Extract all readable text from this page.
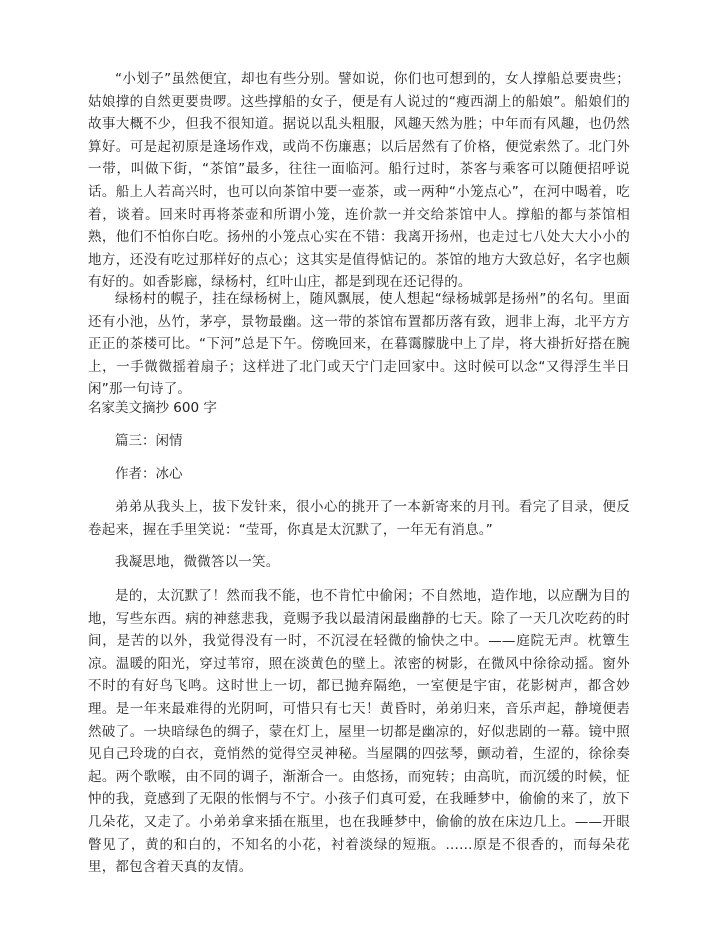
“小划子”虽然便宜，却也有些分别。譬如说，你们也可想到的，女人撑船总要贵些；姑娘撑的自然更要贵啰。这些撑船的女子，便是有人说过的“瘦西湖上的船娘”。船娘们的故事大概不少，但我不很知道。据说以乱头粗服，风趣天然为胜；中年而有风趣，也仍然算好。可是起初原是逢场作戏，或尚不伤廉惠；以后居然有了价格，便觉索然了。北门外一带，叫做下街，“茶馆”最多，往往一面临河。船行过时，茶客与乘客可以随便招呼说话。船上人若高兴时，也可以向茶馆中要一壶茶，或一两种“小笼点心”，在河中喝着，吃着，谈着。回来时再将茶壶和所谓小笼，连价款一并交给茶馆中人。撑船的都与茶馆相熟，他们不怕你白吃。扬州的小笼点心实在不错：我离开扬州，也走过七八处大大小小的地方，还没有吃过那样好的点心；这其实是值得惦记的。茶馆的地方大致总好，名字也颇有好的。如香影廊，绿杨村，红叶山庄，都是到现在还记得的。

绿杨村的幌子，挂在绿杨树上，随风飘展，使人想起“绿杨城郭是扬州”的名句。里面还有小池，丛竹，茅亭，景物最幽。这一带的茶馆布置都历落有致，迥非上海，北平方方正正的茶楼可比。“下河”总是下午。傍晚回来，在暮霭朦胧中上了岸，将大褂折好搭在腕上，一手微微摇着扇子；这样进了北门或天宁门走回家中。这时候可以念“又得浮生半日闲”那一句诗了。

名家美文摘抄 600 字
篇三：闲情
作者：冰心

弟弟从我头上，拔下发针来，很小心的挑开了一本新寄来的月刊。看完了目录，便反卷起来，握在手里笑说：“莹哥，你真是太沉默了，一年无有消息。”

我凝思地，微微答以一笑。

是的，太沉默了！然而我不能，也不肯忙中偷闲；不自然地，造作地，以应酬为目的地，写些东西。病的神慈悲我，竟赐予我以最清闲最幽静的七天。除了一天几次吃药的时间，是苦的以外，我觉得没有一时，不沉浸在轻微的愉快之中。——庭院无声。枕簟生凉。温暖的阳光，穿过苇帘，照在淡黄色的壁上。浓密的树影，在微风中徐徐动摇。窗外不时的有好鸟飞鸣。这时世上一切，都已抛弃隔绝，一室便是宇宙，花影树声，都含妙理。是一年来最难得的光阴呵，可惜只有七天！黄昏时，弟弟归来，音乐声起，静境便砉然破了。一块暗绿色的绸子，蒙在灯上，屋里一切都是幽凉的，好似悲剧的一幕。镜中照见自己玲珑的白衣，竟悄然的觉得空灵神秘。当屋隅的四弦琴，颤动着，生涩的，徐徐奏起。两个歌喉，由不同的调子，渐渐合一。由悠扬，而宛转；由高吭，而沉缓的时候，怔忡的我，竟感到了无限的怅惘与不宁。小孩子们真可爱，在我睡梦中，偷偷的来了，放下几朵花，又走了。小弟弟拿来插在瓶里，也在我睡梦中，偷偷的放在床边几上。——开眼瞥见了，黄的和白的，不知名的小花，衬着淡绿的短瓶。……原是不很香的，而每朵花里，都包含着天真的友情。
